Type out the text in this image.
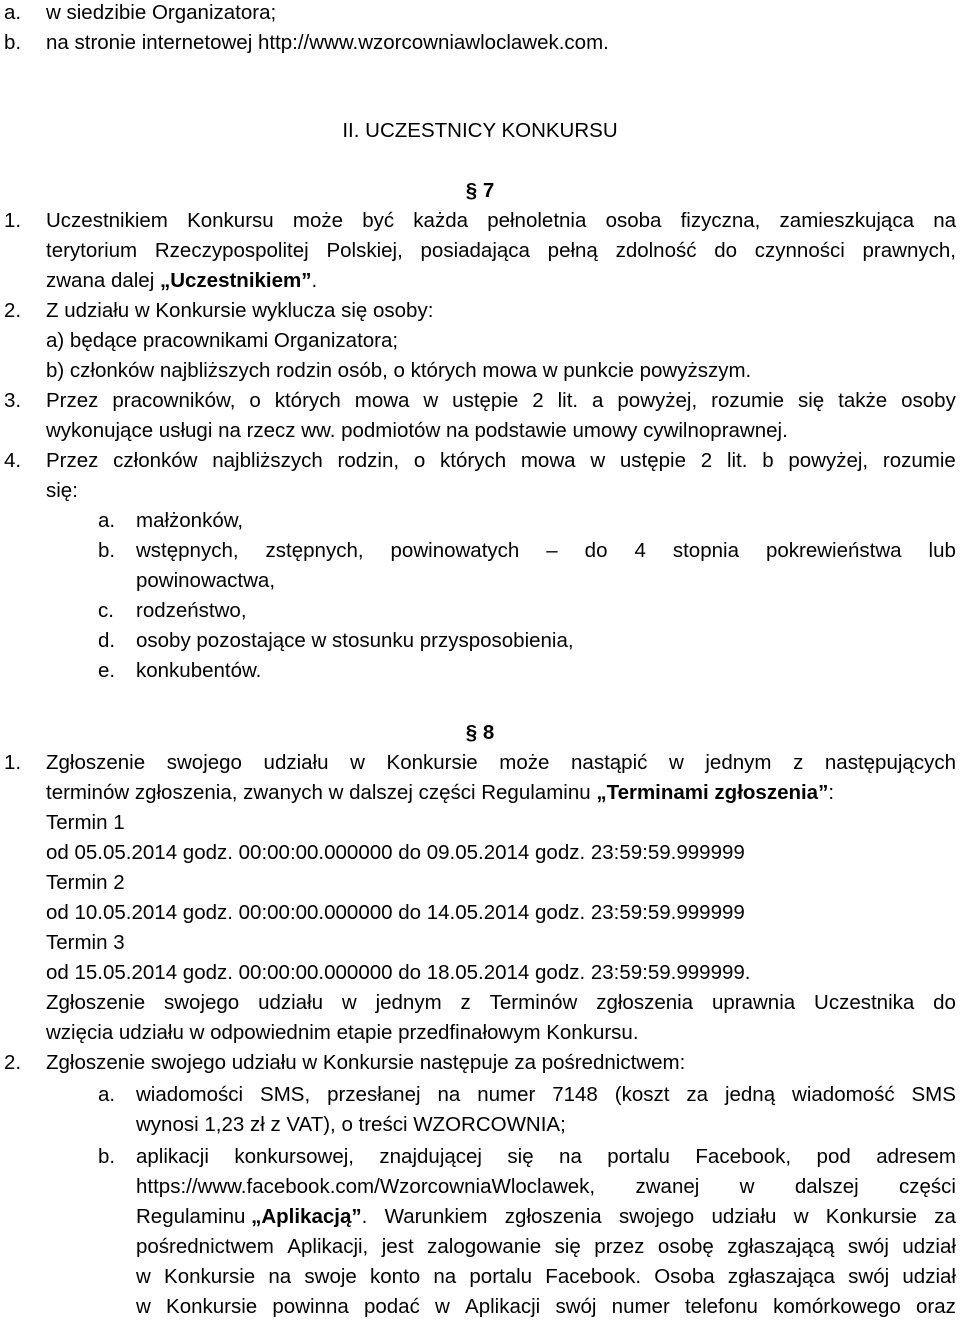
a. w siedzibie Organizatora;
b. na stronie internetowej http://www.wzorcowniawloclawek.com.
II. UCZESTNICY KONKURSU
§ 7
1. Uczestnikiem Konkursu może być każda pełnoletnia osoba fizyczna, zamieszkująca na
terytorium Rzeczypospolitej Polskiej, posiadająca pełną zdolność do czynności prawnych,
zwana dalej „Uczestnikiem”.
2. Z udziału w Konkursie wyklucza się osoby:
a) będące pracownikami Organizatora;
b) członków najbliższych rodzin osób, o których mowa w punkcie powyższym.
3. Przez pracowników, o których mowa w ustępie 2 lit. a powyżej, rozumie się także osoby
wykonujące usługi na rzecz ww. podmiotów na podstawie umowy cywilnoprawnej.
4. Przez członków najbliższych rodzin, o których mowa w ustępie 2 lit. b powyżej, rozumie
się:
a. małżonków,
b. wstępnych, zstępnych, powinowatych – do 4 stopnia pokrewieństwa lub
powinowactwa,
c. rodzeństwo,
d. osoby pozostające w stosunku przysposobienia,
e. konkubentów.
§ 8
1. Zgłoszenie swojego udziału w Konkursie może nastąpić w jednym z następujących
terminów zgłoszenia, zwanych w dalszej części Regulaminu „Terminami zgłoszenia”:
Termin 1
od 05.05.2014 godz. 00:00:00.000000 do 09.05.2014 godz. 23:59:59.999999
Termin 2
od 10.05.2014 godz. 00:00:00.000000 do 14.05.2014 godz. 23:59:59.999999
Termin 3
od 15.05.2014 godz. 00:00:00.000000 do 18.05.2014 godz. 23:59:59.999999.
Zgłoszenie swojego udziału w jednym z Terminów zgłoszenia uprawnia Uczestnika do
wzięcia udziału w odpowiednim etapie przedfinałowym Konkursu.
2. Zgłoszenie swojego udziału w Konkursie następuje za pośrednictwem:
a. wiadomości SMS, przesłanej na numer 7148 (koszt za jedną wiadomość SMS
wynosi 1,23 zł z VAT), o treści WZORCOWNIA;
b. aplikacji konkursowej, znajdującej się na portalu Facebook, pod adresem
https://www.facebook.com/WzorcowniaWloclawek, zwanej w dalszej części
Regulaminu „Aplikacją”. Warunkiem zgłoszenia swojego udziału w Konkursie za
pośrednictwem Aplikacji, jest zalogowanie się przez osobę zgłaszającą swój udział
w Konkursie na swoje konto na portalu Facebook. Osoba zgłaszająca swój udział
w Konkursie powinna podać w Aplikacji swój numer telefonu komórkowego oraz
